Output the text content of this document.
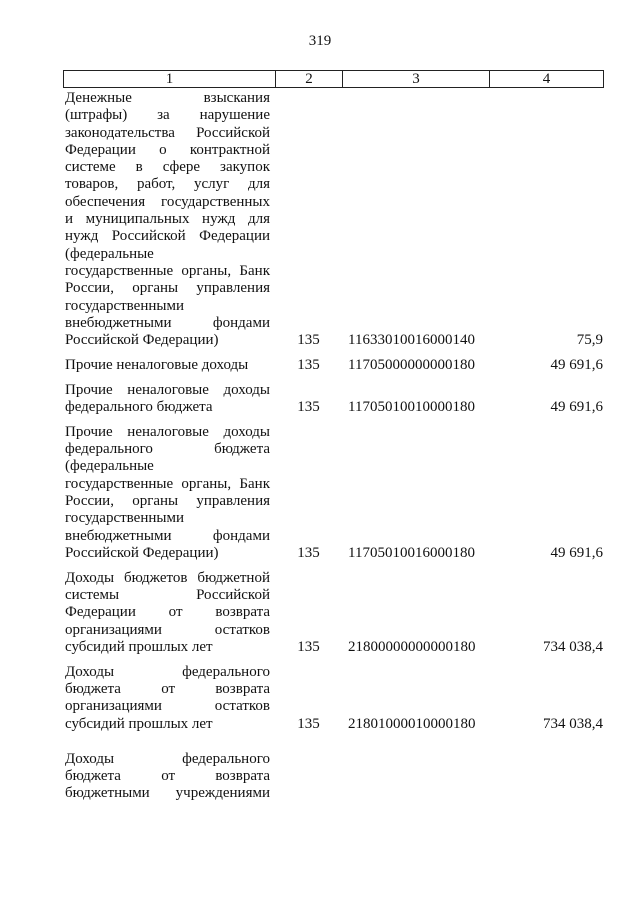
319
1	2	3	4
Денежные взыскания
(штрафы) за нарушение
законодательства Российской
Федерации о контрактной
системе в сфере закупок
товаров, работ, услуг для
обеспечения государственных
и муниципальных нужд для
нужд Российской Федерации
(федеральные
государственные органы, Банк
России, органы управления
государственными
внебюджетными фондами
Российской Федерации)	135	11633010016000140	75,9
Прочие неналоговые доходы	135	11705000000000180	49 691,6
Прочие неналоговые доходы
федерального бюджета	135	11705010010000180	49 691,6
Прочие неналоговые доходы
федерального бюджета
(федеральные
государственные органы, Банк
России, органы управления
государственными
внебюджетными фондами
Российской Федерации)	135	11705010016000180	49 691,6
Доходы бюджетов бюджетной
системы Российской
Федерации от возврата
организациями остатков
субсидий прошлых лет	135	21800000000000180	734 038,4
Доходы федерального
бюджета от возврата
организациями остатков
субсидий прошлых лет	135	21801000010000180	734 038,4
Доходы федерального
бюджета от возврата
бюджетными учреждениями
